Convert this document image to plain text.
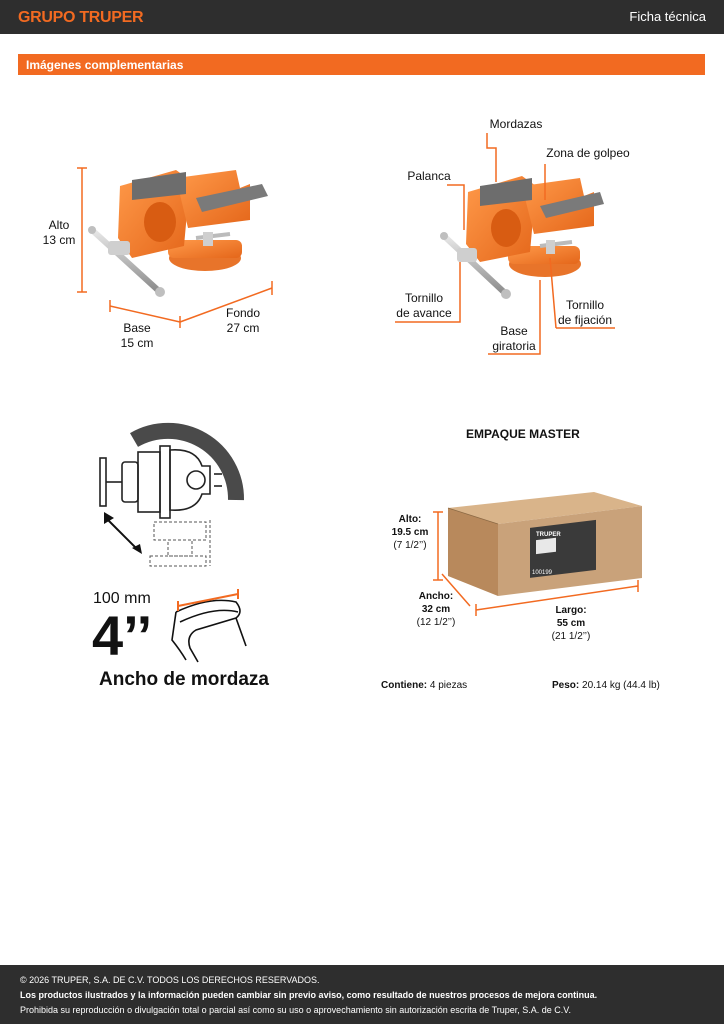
GRUPO TRUPER	Ficha técnica
Imágenes complementarias
Gira 360°
TRUPER
100199
Alto
13 cm
Base
15 cm
Fondo
27 cm
Mordazas
Zona de golpeo
Palanca
Tornillo
de avance
Tornillo
de fijación
Base
giratoria
100 mm
4’’
Ancho de mordaza
EMPAQUE MASTER
Alto:
19.5 cm
(7 1/2’’)
Ancho:
32 cm
(12 1/2’’)
Largo:
55 cm
(21 1/2’’)
Contiene: 4 piezas	Peso: 20.14 kg (44.4 lb)
© 2026 TRUPER, S.A. DE C.V. TODOS LOS DERECHOS RESERVADOS.
Los productos ilustrados y la información pueden cambiar sin previo aviso, como resultado de nuestros procesos de mejora continua.
Prohibida su reproducción o divulgación total o parcial así como su uso o aprovechamiento sin autorización escrita de Truper, S.A. de C.V.
